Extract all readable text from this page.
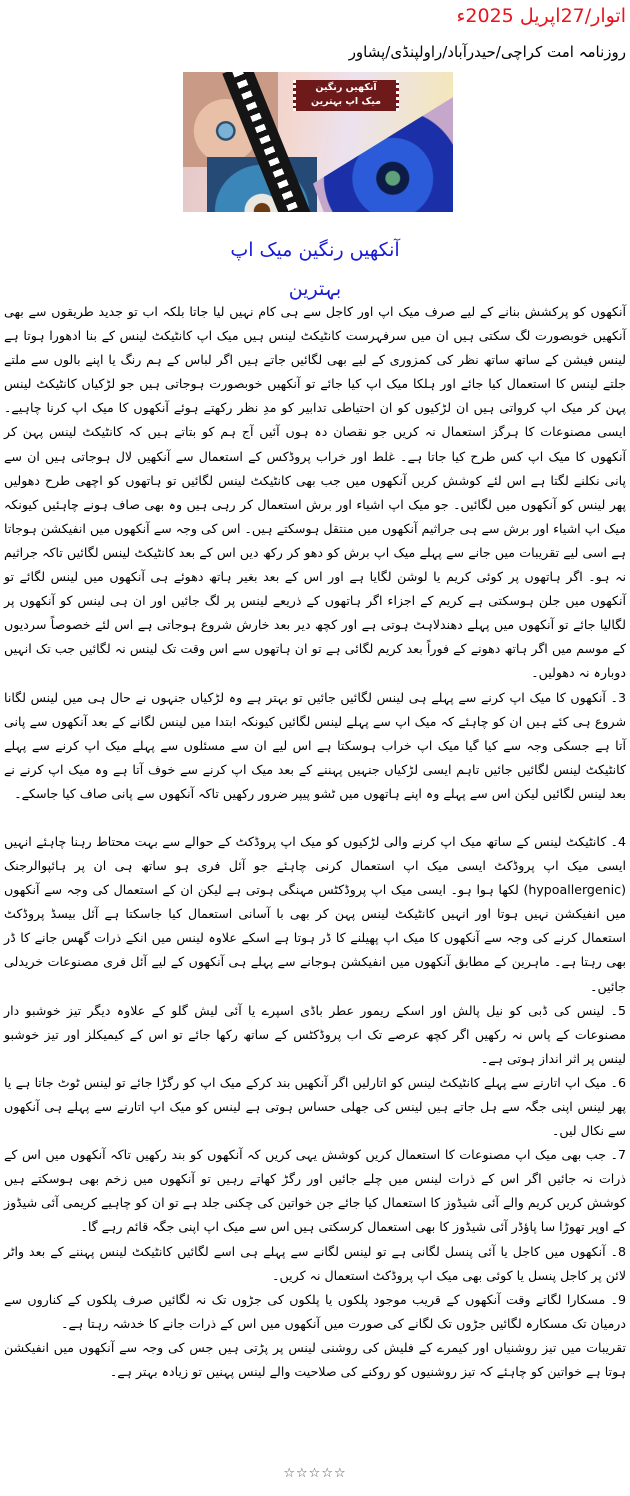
اتوار/27اپریل 2025ء
روزنامہ امت کراچی/حیدرآباد/راولپنڈی/پشاور
آنکھیں رنگین
میک اپ بہترین
آنکھیں رنگین میک اپ
بہترین

آنکھوں کو پرکشش بنانے کے لیے صرف میک اپ اور کاجل سے ہی کام نہیں لیا جاتا بلکہ اب تو جدید طریقوں سے بھی آنکھیں خوبصورت لگ سکتی ہیں ان میں سرفہرست کانٹیکٹ لینس ہیں میک اپ کانٹیکٹ لینس کے بنا ادھورا ہوتا ہے لینس فیشن کے ساتھ ساتھ نظر کی کمزوری کے لیے بھی لگائیں جاتے ہیں اگر لباس کے ہم رنگ یا اپنے بالوں سے ملتے جلتے لینس کا استعمال کیا جائے اور ہلکا میک اپ کیا جائے تو آنکھیں خوبصورت ہوجاتی ہیں جو لڑکیاں کانٹیکٹ لینس پہن کر میک اپ کرواتی ہیں ان لڑکیوں کو ان احتیاطی تدابیر کو مدِ نظر رکھتے ہوئے آنکھوں کا میک اپ کرنا چاہیے۔ ایسی مصنوعات کا ہرگز استعمال نہ کریں جو نقصان دہ ہوں آئیں آج ہم کو بتاتے ہیں کہ کانٹیکٹ لینس پہن کر آنکھوں کا میک اپ کس طرح کیا جاتا ہے۔ غلط اور خراب پروڈکس کے استعمال سے آنکھیں لال ہوجاتی ہیں ان سے پانی نکلنے لگتا ہے اس لئے کوشش کریں آنکھوں میں جب بھی کانٹیکٹ لینس لگائیں تو ہاتھوں کو اچھی طرح دھولیں پھر لینس کو آنکھوں میں لگائیں۔ جو میک اپ اشیاء اور برش استعمال کر رہی ہیں وہ بھی صاف ہونے چاہئیں کیونکہ میک اپ اشیاء اور برش سے ہی جراثیم آنکھوں میں منتقل ہوسکتے ہیں۔ اس کی وجہ سے آنکھوں میں انفیکشن ہوجاتا ہے اسی لیے تقریبات میں جانے سے پہلے میک اپ برش کو دھو کر رکھ دیں اس کے بعد کانٹیکٹ لینس لگائیں تاکہ جراثیم نہ ہو۔ اگر ہاتھوں پر کوئی کریم یا لوشن لگایا ہے اور اس کے بعد بغیر ہاتھ دھوئے ہی آنکھوں میں لینس لگائے تو آنکھوں میں جلن ہوسکتی ہے کریم کے اجزاء اگر ہاتھوں کے ذریعے لینس پر لگ جائیں اور ان ہی لینس کو آنکھوں پر لگالیا جائے تو آنکھوں میں پہلے دھندلاہٹ ہوتی ہے اور کچھ دیر بعد خارش شروع ہوجاتی ہے اس لئے خصوصاً سردیوں کے موسم میں اگر ہاتھ دھونے کے فوراً بعد کریم لگائی ہے تو ان ہاتھوں سے اس وقت تک لینس نہ لگائیں جب تک انہیں دوبارہ نہ دھولیں۔

3۔ آنکھوں کا میک اپ کرنے سے پہلے ہی لینس لگائیں جائیں تو بہتر ہے وہ لڑکیاں جنہوں نے حال ہی میں لینس لگانا شروع ہی کئے ہیں ان کو چاہئے کہ میک اپ سے پہلے لینس لگائیں کیونکہ ابتدا میں لینس لگانے کے بعد آنکھوں سے پانی آتا ہے جسکی وجہ سے کیا گیا میک اپ خراب ہوسکتا ہے اس لیے ان سے مسئلوں سے پہلے میک اپ کرنے سے پہلے کانٹیکٹ لینس لگائیں جائیں تاہم ایسی لڑکیاں جنہیں پہننے کے بعد میک اپ کرنے سے خوف آتا ہے وہ میک اپ کرنے نے بعد لینس لگائیں لیکن اس سے پہلے وہ اپنے ہاتھوں میں ٹشو پیپر ضرور رکھیں تاکہ آنکھوں سے پانی صاف کیا جاسکے۔

4۔ کانٹیکٹ لینس کے ساتھ میک اپ کرنے والی لڑکیوں کو میک اپ پروڈکٹ کے حوالے سے بہت محتاط رہنا چاہئے انہیں ایسی میک اپ پروڈکٹ ایسی میک اپ استعمال کرنی چاہئے جو آئل فری ہو ساتھ ہی ان پر ہائپوالرجنک (hypoallergenic) لکھا ہوا ہو۔ ایسی میک اپ پروڈکٹس مہنگی ہوتی ہے لیکن ان کے استعمال کی وجہ سے آنکھوں میں انفیکشن نہیں ہوتا اور انہیں کانٹیکٹ لینس پہن کر بھی با آسانی استعمال کیا جاسکتا ہے آئل بیسڈ پروڈکٹ استعمال کرنے کی وجہ سے آنکھوں کا میک اپ پھیلنے کا ڈر ہوتا ہے اسکے علاوہ لینس میں انکے ذرات گھس جانے کا ڈر بھی رہتا ہے۔ ماہرین کے مطابق آنکھوں میں انفیکشن ہوجانے سے پہلے ہی آنکھوں کے لیے آئل فری مصنوعات خریدلی جائیں۔

5۔ لینس کی ڈبی کو نیل پالش اور اسکے ریمور عطر باڈی اسپرے یا آئی لیش گلو کے علاوہ دیگر تیز خوشبو دار مصنوعات کے پاس نہ رکھیں اگر کچھ عرصے تک اب پروڈکٹس کے ساتھ رکھا جائے تو اس کے کیمیکلز اور تیز خوشبو لینس پر اثر انداز ہوتی ہے۔

6۔ میک اپ اتارنے سے پہلے کانٹیکٹ لینس کو اتارلیں اگر آنکھیں بند کرکے میک اپ کو رگڑا جائے تو لینس ٹوٹ جاتا ہے یا پھر لینس اپنی جگہ سے ہل جاتے ہیں لینس کی جھلی حساس ہوتی ہے لینس کو میک اپ اتارنے سے پہلے ہی آنکھوں سے نکال لیں۔

7۔ جب بھی میک اپ مصنوعات کا استعمال کریں کوشش یہی کریں کہ آنکھوں کو بند رکھیں تاکہ آنکھوں میں اس کے ذرات نہ جائیں اگر اس کے ذرات لینس میں چلے جائیں اور رگڑ کھاتے رہیں تو آنکھوں میں زخم بھی ہوسکتے ہیں کوشش کریں کریم والے آئی شیڈوز کا استعمال کیا جائے جن خواتین کی چکنی جلد ہے تو ان کو چاہیے کریمی آئی شیڈوز کے اوپر تھوڑا سا پاؤڈر آئی شیڈوز کا بھی استعمال کرسکتی ہیں اس سے میک اپ اپنی جگہ قائم رہے گا۔

8۔ آنکھوں میں کاجل یا آئی پنسل لگانی ہے تو لینس لگانے سے پہلے ہی اسے لگائیں کانٹیکٹ لینس پہننے کے بعد واٹر لائن پر کاجل پنسل یا کوئی بھی میک اپ پروڈکٹ استعمال نہ کریں۔

9۔ مسکارا لگاتے وقت آنکھوں کے قریب موجود پلکوں یا پلکوں کی جڑوں تک نہ لگائیں صرف پلکوں کے کناروں سے درمیان تک مسکارہ لگائیں جڑوں تک لگانے کی صورت میں آنکھوں میں اس کے ذرات جانے کا خدشہ رہتا ہے۔

تقریبات میں تیز روشنیاں اور کیمرے کے فلیش کی روشنی لینس پر پڑتی ہیں جس کی وجہ سے آنکھوں میں انفیکشن ہوتا ہے خواتین کو چاہئے کہ تیز روشنیوں کو روکنے کی صلاحیت والے لینس پہنیں تو زیادہ بہتر ہے۔

☆☆☆☆☆
